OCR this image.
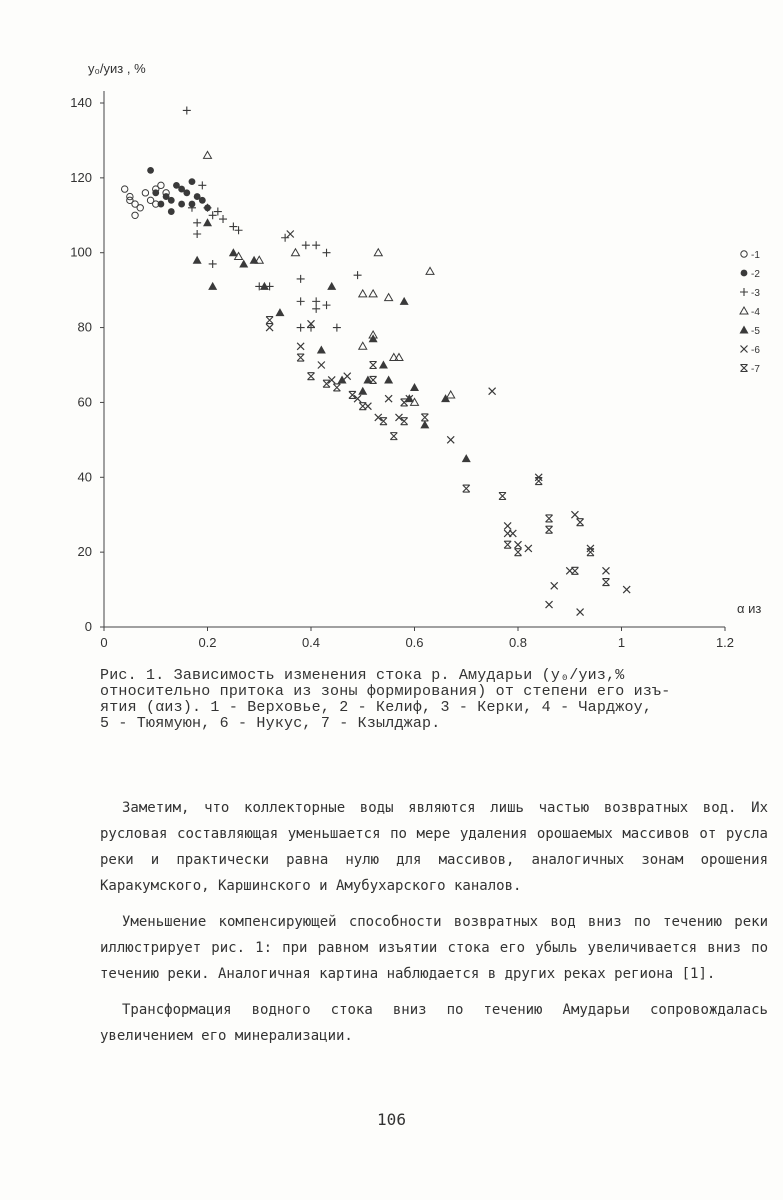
0
20
40
60
80
100
120
140
0	0.2	0.4	0.6	0.8	1	1.2
-1
-2
-3
-4
-5
-6
-7
y₀/yиз , %
α из
Рис. 1. Зависимость изменения стока р. Амударьи (y₀/yиз,%
относительно притока из зоны формирования) от степени его изъ-
ятия (αиз). 1 - Верховье, 2 - Келиф, 3 - Керки, 4 - Чарджоу,
5 - Тюямуюн, 6 - Нукус, 7 - Кзылджар.

Заметим, что коллекторные воды являются лишь частью возвратных вод. Их русловая составляющая уменьшается по мере удаления орошаемых массивов от русла реки и практически равна нулю для массивов, аналогичных зонам орошения Каракумского, Каршинского и Амубухарского каналов.

Уменьшение компенсирующей способности возвратных вод вниз по течению реки иллюстрирует рис. 1: при равном изъятии стока его убыль увеличивается вниз по течению реки. Аналогичная картина наблюдается в других реках региона [1].

Трансформация водного стока вниз по течению Амударьи сопровождалась увеличением его минерализации.

106
